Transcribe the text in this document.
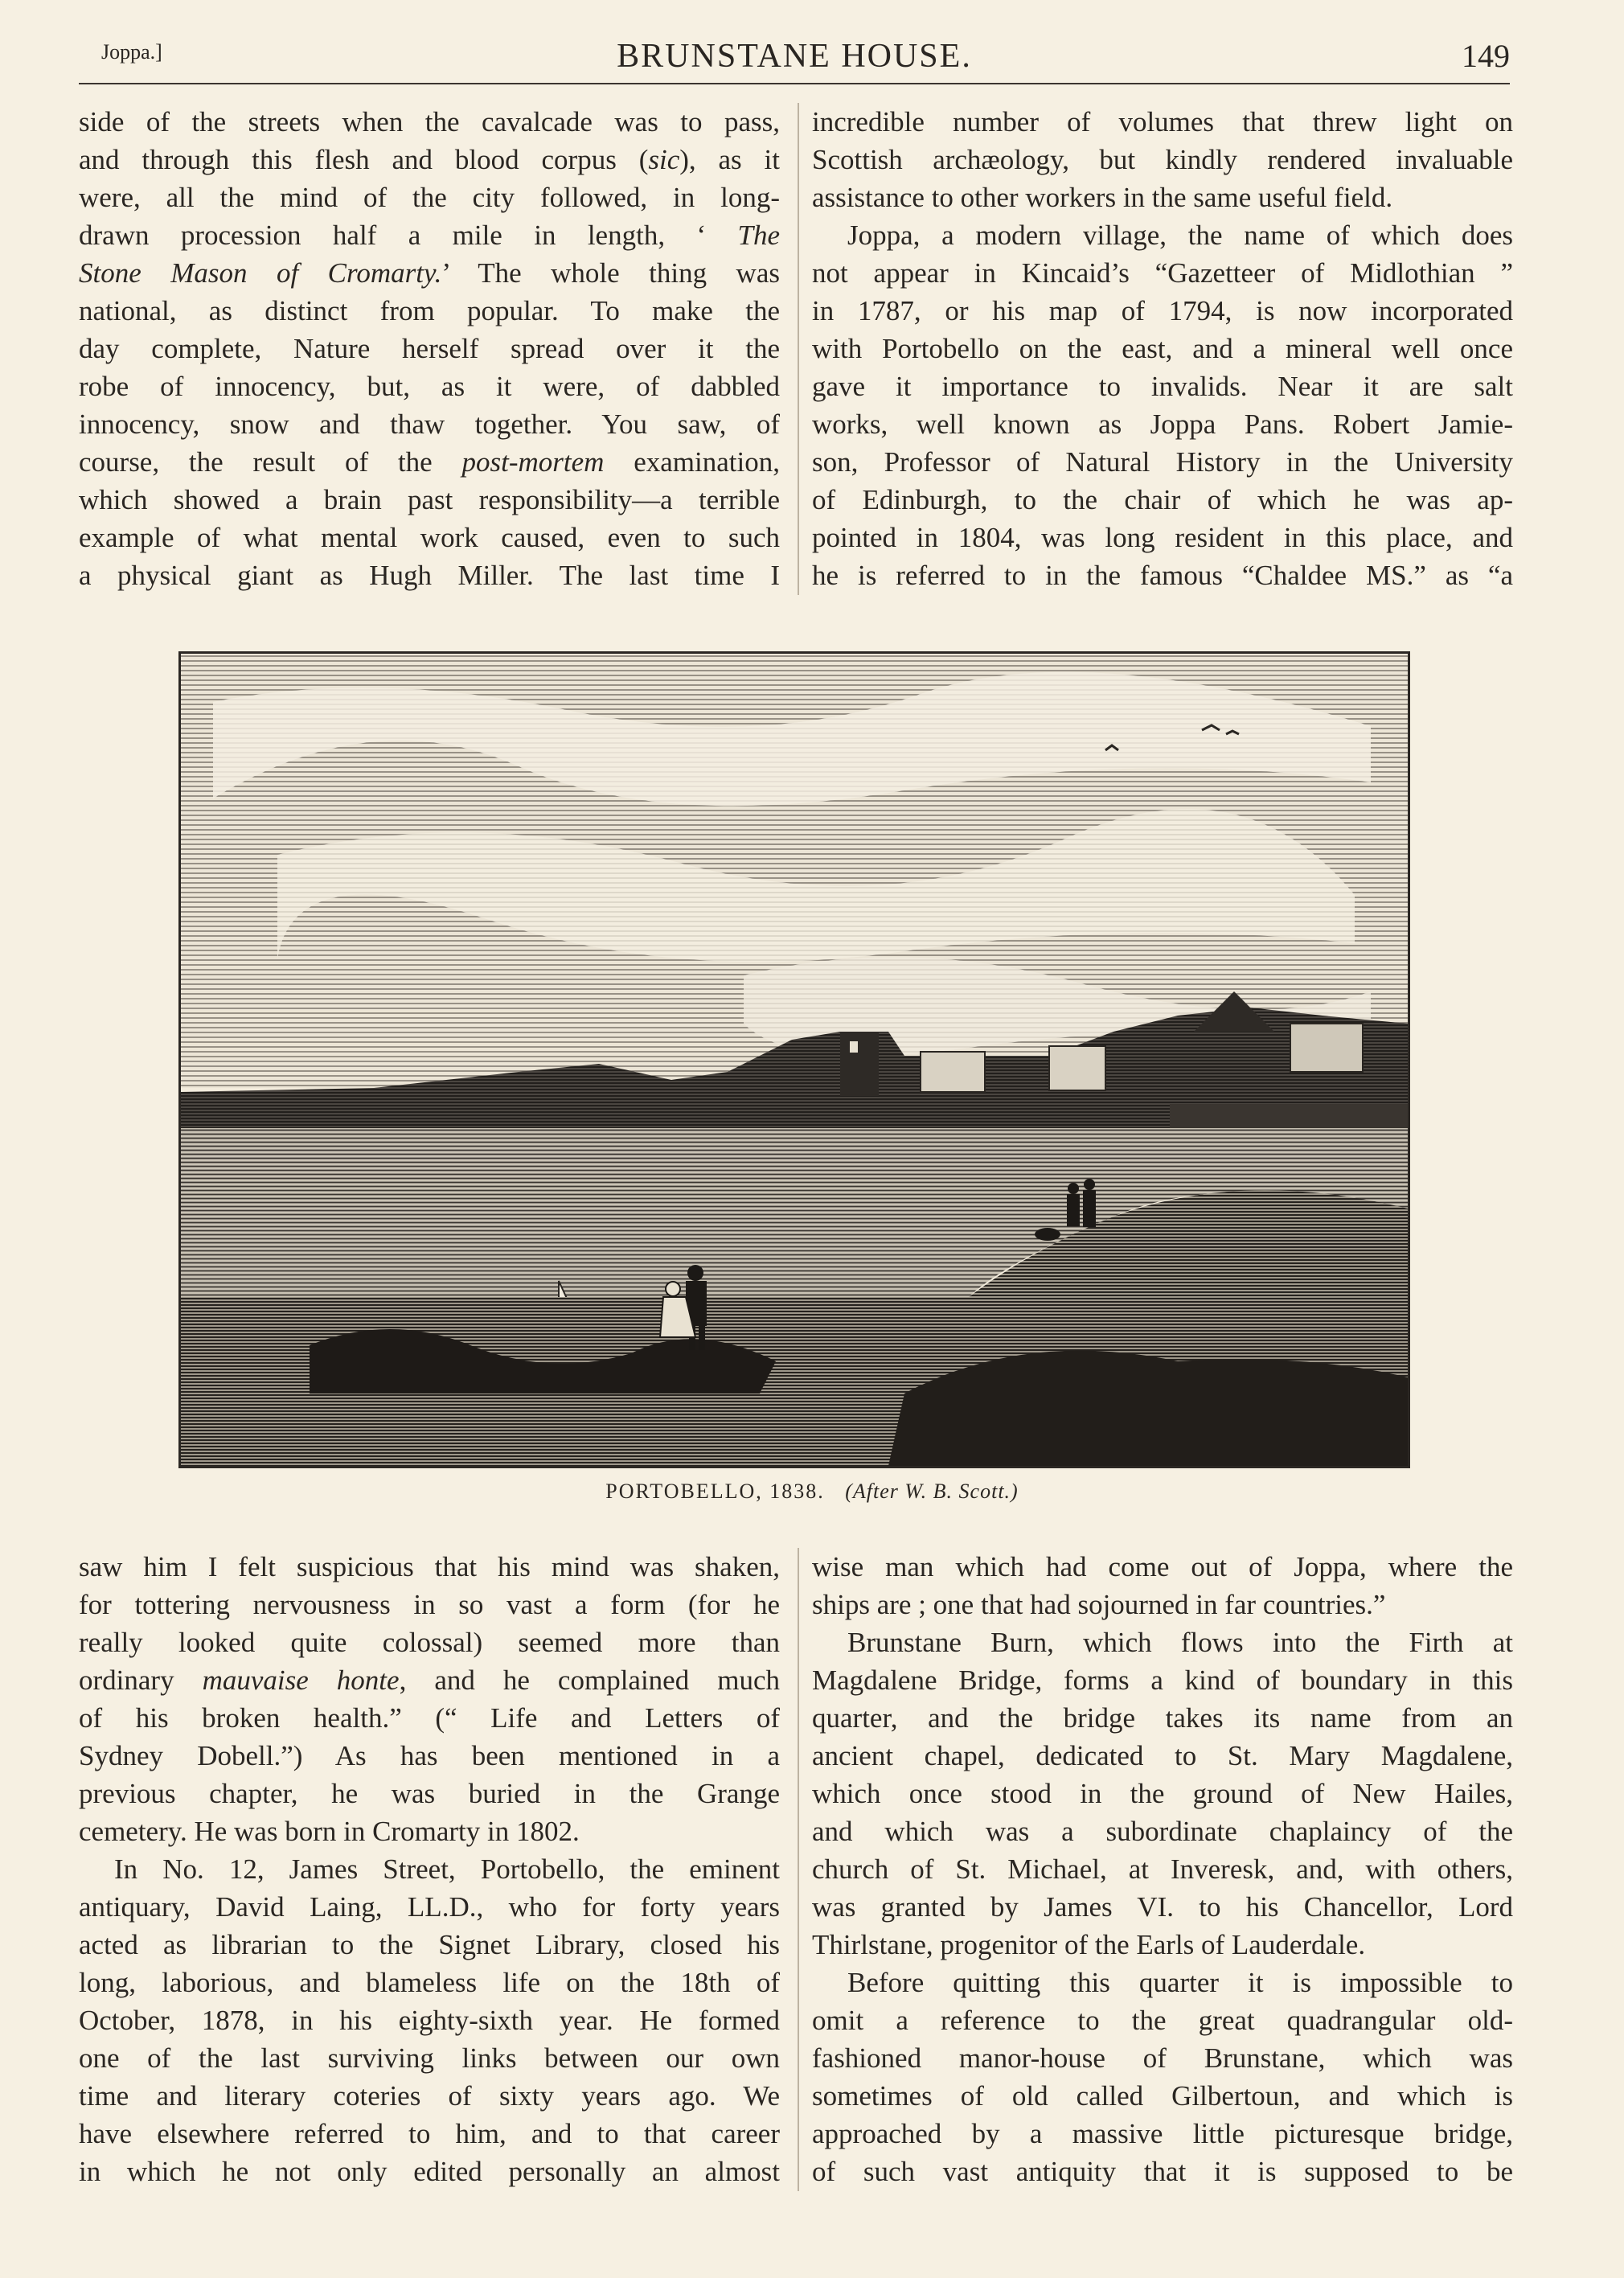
Joppa.]	BRUNSTANE HOUSE.	149
side of the streets when the cavalcade was to pass,
and through this flesh and blood corpus (sic), as it
were, all the mind of the city followed, in long-
drawn procession half a mile in length, ‘ The
Stone Mason of Cromarty.’ The whole thing was
national, as distinct from popular. To make the
day complete, Nature herself spread over it the
robe of innocency, but, as it were, of dabbled
innocency, snow and thaw together. You saw, of
course, the result of the post-mortem examination,
which showed a brain past responsibility—a terrible
example of what mental work caused, even to such
a physical giant as Hugh Miller. The last time I
incredible number of volumes that threw light on
Scottish archæology, but kindly rendered invaluable
assistance to other workers in the same useful field.
Joppa, a modern village, the name of which does
not appear in Kincaid’s “Gazetteer of Midlothian ”
in 1787, or his map of 1794, is now incorporated
with Portobello on the east, and a mineral well once
gave it importance to invalids. Near it are salt
works, well known as Joppa Pans. Robert Jamie-
son, Professor of Natural History in the University
of Edinburgh, to the chair of which he was ap-
pointed in 1804, was long resident in this place, and
he is referred to in the famous “Chaldee MS.” as “a
PORTOBELLO, 1838. (After W. B. Scott.)
saw him I felt suspicious that his mind was shaken,
for tottering nervousness in so vast a form (for he
really looked quite colossal) seemed more than
ordinary mauvaise honte, and he complained much
of his broken health.” (“ Life and Letters of
Sydney Dobell.”) As has been mentioned in a
previous chapter, he was buried in the Grange
cemetery. He was born in Cromarty in 1802.
In No. 12, James Street, Portobello, the eminent
antiquary, David Laing, LL.D., who for forty years
acted as librarian to the Signet Library, closed his
long, laborious, and blameless life on the 18th of
October, 1878, in his eighty-sixth year. He formed
one of the last surviving links between our own
time and literary coteries of sixty years ago. We
have elsewhere referred to him, and to that career
in which he not only edited personally an almost
wise man which had come out of Joppa, where the
ships are ; one that had sojourned in far countries.”
Brunstane Burn, which flows into the Firth at
Magdalene Bridge, forms a kind of boundary in this
quarter, and the bridge takes its name from an
ancient chapel, dedicated to St. Mary Magdalene,
which once stood in the ground of New Hailes,
and which was a subordinate chaplaincy of the
church of St. Michael, at Inveresk, and, with others,
was granted by James VI. to his Chancellor, Lord
Thirlstane, progenitor of the Earls of Lauderdale.
Before quitting this quarter it is impossible to
omit a reference to the great quadrangular old-
fashioned manor-house of Brunstane, which was
sometimes of old called Gilbertoun, and which is
approached by a massive little picturesque bridge,
of such vast antiquity that it is supposed to be
